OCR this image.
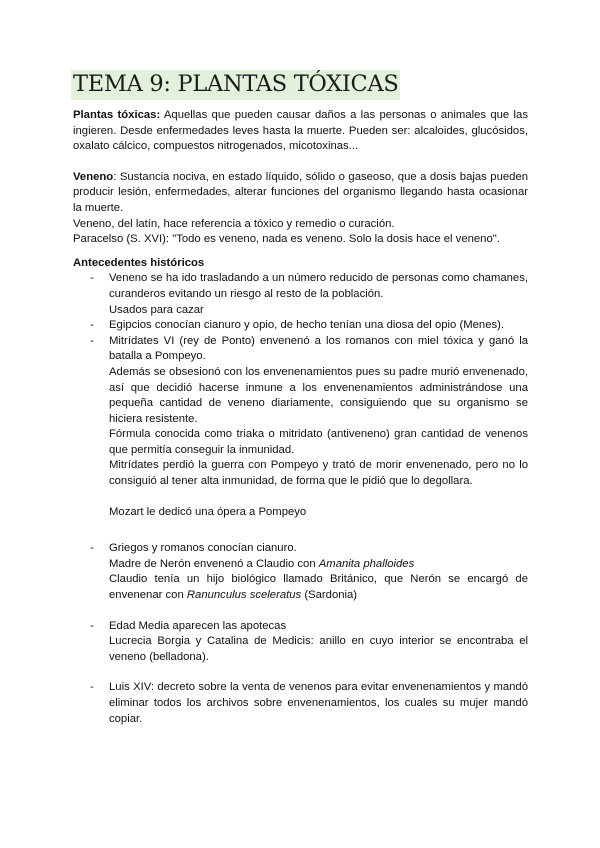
TEMA 9: PLANTAS TÓXICAS

Plantas tóxicas: Aquellas que pueden causar daños a las personas o animales que las ingieren. Desde enfermedades leves hasta la muerte. Pueden ser: alcaloides, glucósidos, oxalato cálcico, compuestos nitrogenados, micotoxinas...

Veneno: Sustancia nociva, en estado líquido, sólido o gaseoso, que a dosis bajas pueden producir lesión, enfermedades, alterar funciones del organismo llegando hasta ocasionar la muerte.

Veneno, del latín, hace referencia a tóxico y remedio o curación.

Paracelso (S. XVI): "Todo es veneno, nada es veneno. Solo la dosis hace el veneno".

Antecedentes históricos
- Veneno se ha ido trasladando a un número reducido de personas como chamanes, curanderos evitando un riesgo al resto de la población.

Usados para cazar

- Egipcios conocían cianuro y opio, de hecho tenían una diosa del opio (Menes).

- Mitrídates VI (rey de Ponto) envenenó a los romanos con miel tóxica y ganó la batalla a Pompeyo.

Además se obsesionó con los envenenamientos pues su padre murió envenenado, así que decidió hacerse inmune a los envenenamientos administrándose una pequeña cantidad de veneno diariamente, consiguiendo que su organismo se hiciera resistente.

Fórmula conocida como triaka o mitridato (antiveneno) gran cantidad de venenos que permitía conseguir la inmunidad.

Mitrídates perdió la guerra con Pompeyo y trató de morir envenenado, pero no lo consiguió al tener alta inmunidad, de forma que le pidió que lo degollara.

Mozart le dedicó una ópera a Pompeyo

- Griegos y romanos conocían cianuro.

Madre de Nerón envenenó a Claudio con Amanita phalloides

Claudio tenía un hijo biológico llamado Británico, que Nerón se encargó de envenenar con Ranunculus sceleratus (Sardonia)

- Edad Media aparecen las apotecas

Lucrecia Borgia y Catalina de Medicis: anillo en cuyo interior se encontraba el veneno (belladona).

- Luis XIV: decreto sobre la venta de venenos para evitar envenenamientos y mandó eliminar todos los archivos sobre envenenamientos, los cuales su mujer mandó copiar.
